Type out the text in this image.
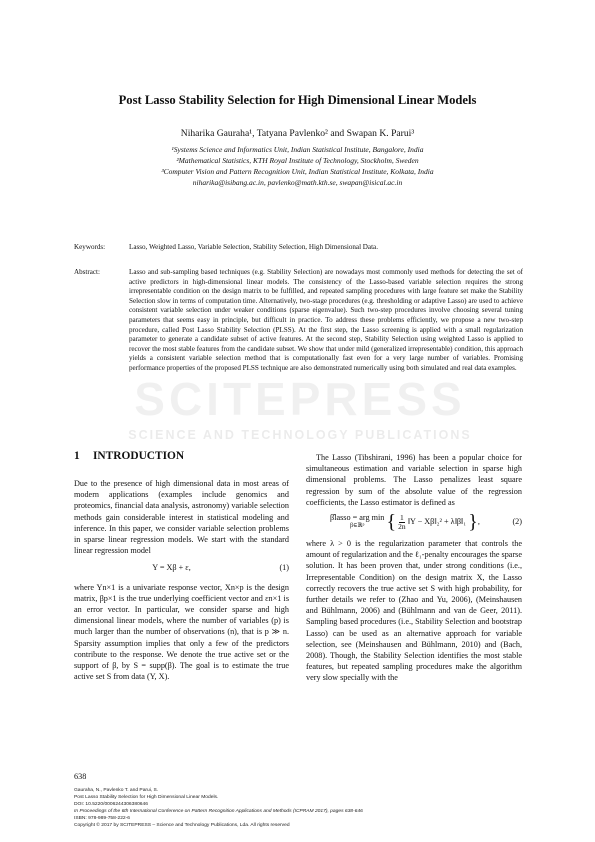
Post Lasso Stability Selection for High Dimensional Linear Models
Niharika Gauraha¹, Tatyana Pavlenko² and Swapan K. Parui³
¹Systems Science and Informatics Unit, Indian Statistical Institute, Bangalore, India
²Mathematical Statistics, KTH Royal Institute of Technology, Stockholm, Sweden
³Computer Vision and Pattern Recognition Unit, Indian Statistical Institute, Kolkata, India
niharika@isibang.ac.in, pavlenko@math.kth.se, swapan@isical.ac.in
Keywords:	Lasso, Weighted Lasso, Variable Selection, Stability Selection, High Dimensional Data.
Abstract:	Lasso and sub-sampling based techniques (e.g. Stability Selection) are nowadays most commonly used methods for detecting the set of active predictors in high-dimensional linear models. The consistency of the Lasso-based variable selection requires the strong irrepresentable condition on the design matrix to be fulfilled, and repeated sampling procedures with large feature set make the Stability Selection slow in terms of computation time. Alternatively, two-stage procedures (e.g. thresholding or adaptive Lasso) are used to achieve consistent variable selection under weaker conditions (sparse eigenvalue). Such two-step procedures involve choosing several tuning parameters that seems easy in principle, but difficult in practice. To address these problems efficiently, we propose a new two-step procedure, called Post Lasso Stability Selection (PLSS). At the first step, the Lasso screening is applied with a small regularization parameter to generate a candidate subset of active features. At the second step, Stability Selection using weighted Lasso is applied to recover the most stable features from the candidate subset. We show that under mild (generalized irrepresentable) condition, this approach yields a consistent variable selection method that is computationally fast even for a very large number of variables. Promising performance properties of the proposed PLSS technique are also demonstrated numerically using both simulated and real data examples.
SCITEPRESS
SCIENCE AND TECHNOLOGY PUBLICATIONS
1 INTRODUCTION

Due to the presence of high dimensional data in most areas of modern applications (examples include genomics and proteomics, financial data analysis, astronomy) variable selection methods gain considerable interest in statistical modeling and inference. In this paper, we consider variable selection problems in sparse linear regression models. We start with the standard linear regression model

Y = Xβ + ε,	(1)

where Yn×1 is a univariate response vector, Xn×p is the design matrix, βp×1 is the true underlying coefficient vector and εn×1 is an error vector. In particular, we consider sparse and high dimensional linear models, where the number of variables (p) is much larger than the number of observations (n), that is p ≫ n. Sparsity assumption implies that only a few of the predictors contribute to the response. We denote the true active set or the support of β, by S = supp(β). The goal is to estimate the true active set S from data (Y, X).

The Lasso (Tibshirani, 1996) has been a popular choice for simultaneous estimation and variable selection in sparse high dimensional problems. The Lasso penalizes least square regression by sum of the absolute value of the regression coefficients, the Lasso estimator is defined as

β̂lasso = arg min
β∈ℝᵖ { $\frac{1}{2n}$ ‖Y − Xβ‖₂² + λ‖β‖₁ },	(2)

where λ > 0 is the regularization parameter that controls the amount of regularization and the ℓ₁-penalty encourages the sparse solution. It has been proven that, under strong conditions (i.e., Irrepresentable Condition) on the design matrix X, the Lasso correctly recovers the true active set S with high probability, for further details we refer to (Zhao and Yu, 2006), (Meinshausen and Bühlmann, 2006) and (Bühlmann and van de Geer, 2011). Sampling based procedures (i.e., Stability Selection and bootstrap Lasso) can be used as an alternative approach for variable selection, see (Meinshausen and Bühlmann, 2010) and (Bach, 2008). Though, the Stability Selection identifies the most stable features, but repeated sampling procedures make the algorithm very slow specially with the

638
Gauraha, N., Pavlenko T. and Parui, S.
Post Lasso Stability Selection for High Dimensional Linear Models.
DOI: 10.5220/0006244306380646
In Proceedings of the 6th International Conference on Pattern Recognition Applications and Methods (ICPRAM 2017), pages 638-646
ISBN: 978-989-758-222-6
Copyright © 2017 by SCITEPRESS – Science and Technology Publications, Lda. All rights reserved
